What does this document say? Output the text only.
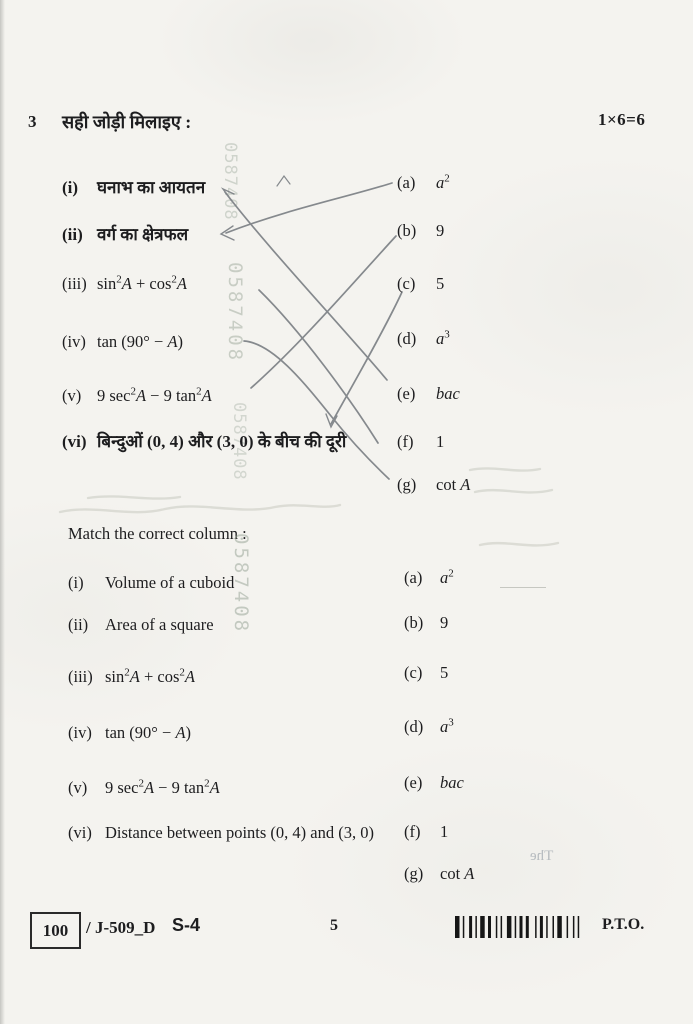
3 सही जोड़ी मिलाइए :	1×6=6
Match the correct column :
0587408
0587408
0587408
0587408
The
100 / J-509_D S-4	5	P.T.O.
(i) घनाभ का आयतन
(ii) वर्ग का क्षेत्रफल
(iii) $\sin^2A + \cos^2A$
(iv) tan (90° − A)
(v) 9 $\sec^2A - 9$ $\tan^2A$
(vi) बिन्दुओं (0, 4) और (3, 0) के बीच की दूरी
(a) $a^2$
(b) 9
(c) 5
(d) $a^3$
(e) bac
(f) 1
(g) cot A
(i) Volume of a cuboid
(ii) Area of a square
(iii) $\sin^2A + \cos^2A$
(iv) tan (90° − A)
(v) 9 $\sec^2A - 9$ $\tan^2A$
(vi) Distance between points (0, 4) and (3, 0)
(a) $a^2$
(b) 9
(c) 5
(d) $a^3$
(e) bac
(f) 1
(g) cot A
